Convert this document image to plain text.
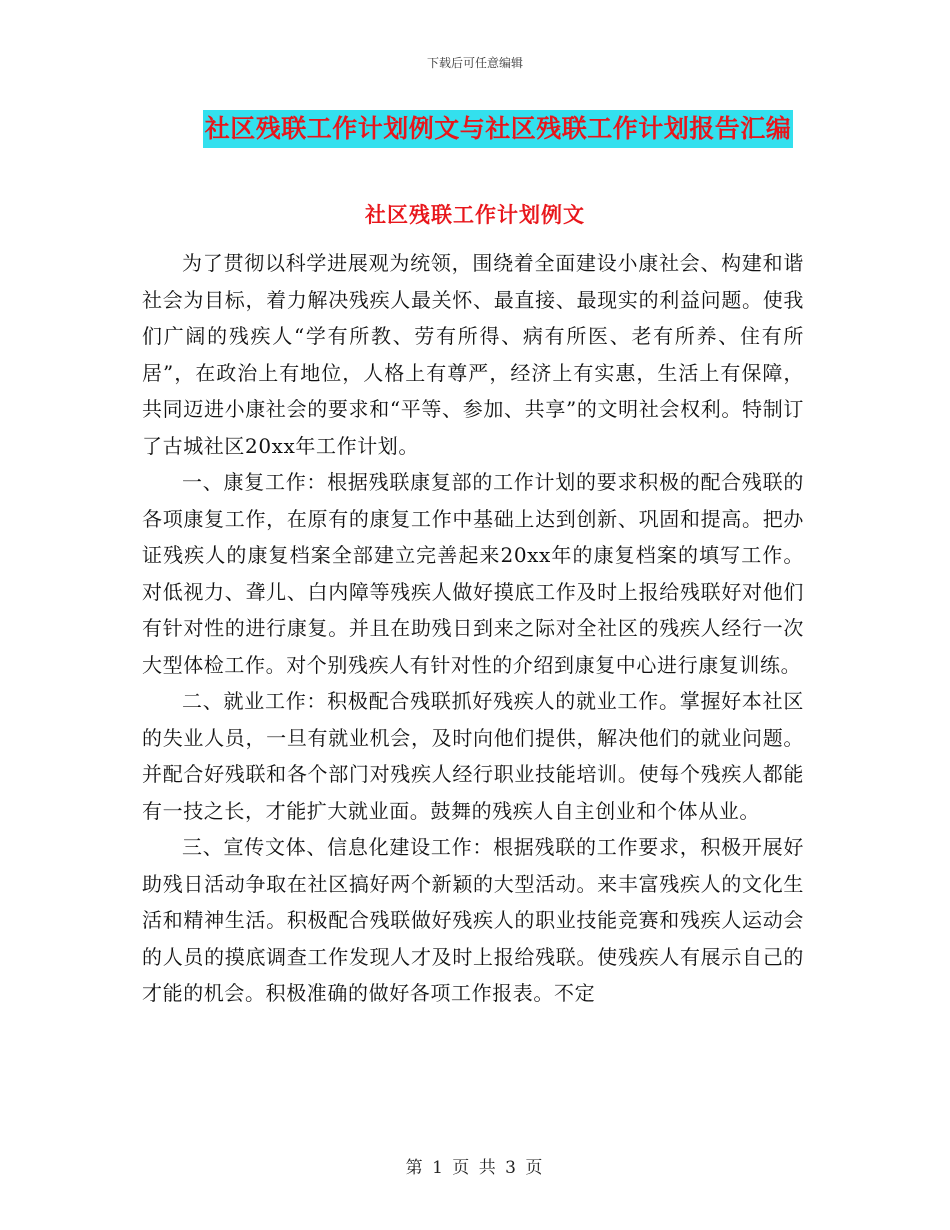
下载后可任意编辑
社区残联工作计划例文与社区残联工作计划报告汇编
社区残联工作计划例文

为了贯彻以科学进展观为统领，围绕着全面建设小康社会、构建和谐社会为目标，着力解决残疾人最关怀、最直接、最现实的利益问题。使我们广阔的残疾人“学有所教、劳有所得、病有所医、老有所养、住有所居”，在政治上有地位，人格上有尊严，经济上有实惠，生活上有保障，共同迈进小康社会的要求和“平等、参加、共享”的文明社会权利。特制订了古城社区20xx年工作计划。

一、康复工作：根据残联康复部的工作计划的要求积极的配合残联的各项康复工作，在原有的康复工作中基础上达到创新、巩固和提高。把办证残疾人的康复档案全部建立完善起来20xx年的康复档案的填写工作。对低视力、聋儿、白内障等残疾人做好摸底工作及时上报给残联好对他们有针对性的进行康复。并且在助残日到来之际对全社区的残疾人经行一次大型体检工作。对个别残疾人有针对性的介绍到康复中心进行康复训练。

二、就业工作：积极配合残联抓好残疾人的就业工作。掌握好本社区的失业人员，一旦有就业机会，及时向他们提供，解决他们的就业问题。并配合好残联和各个部门对残疾人经行职业技能培训。使每个残疾人都能有一技之长，才能扩大就业面。鼓舞的残疾人自主创业和个体从业。

三、宣传文体、信息化建设工作：根据残联的工作要求，积极开展好助残日活动争取在社区搞好两个新颖的大型活动。来丰富残疾人的文化生活和精神生活。积极配合残联做好残疾人的职业技能竞赛和残疾人运动会的人员的摸底调查工作发现人才及时上报给残联。使残疾人有展示自己的才能的机会。积极准确的做好各项工作报表。不定

第 1 页 共 3 页
